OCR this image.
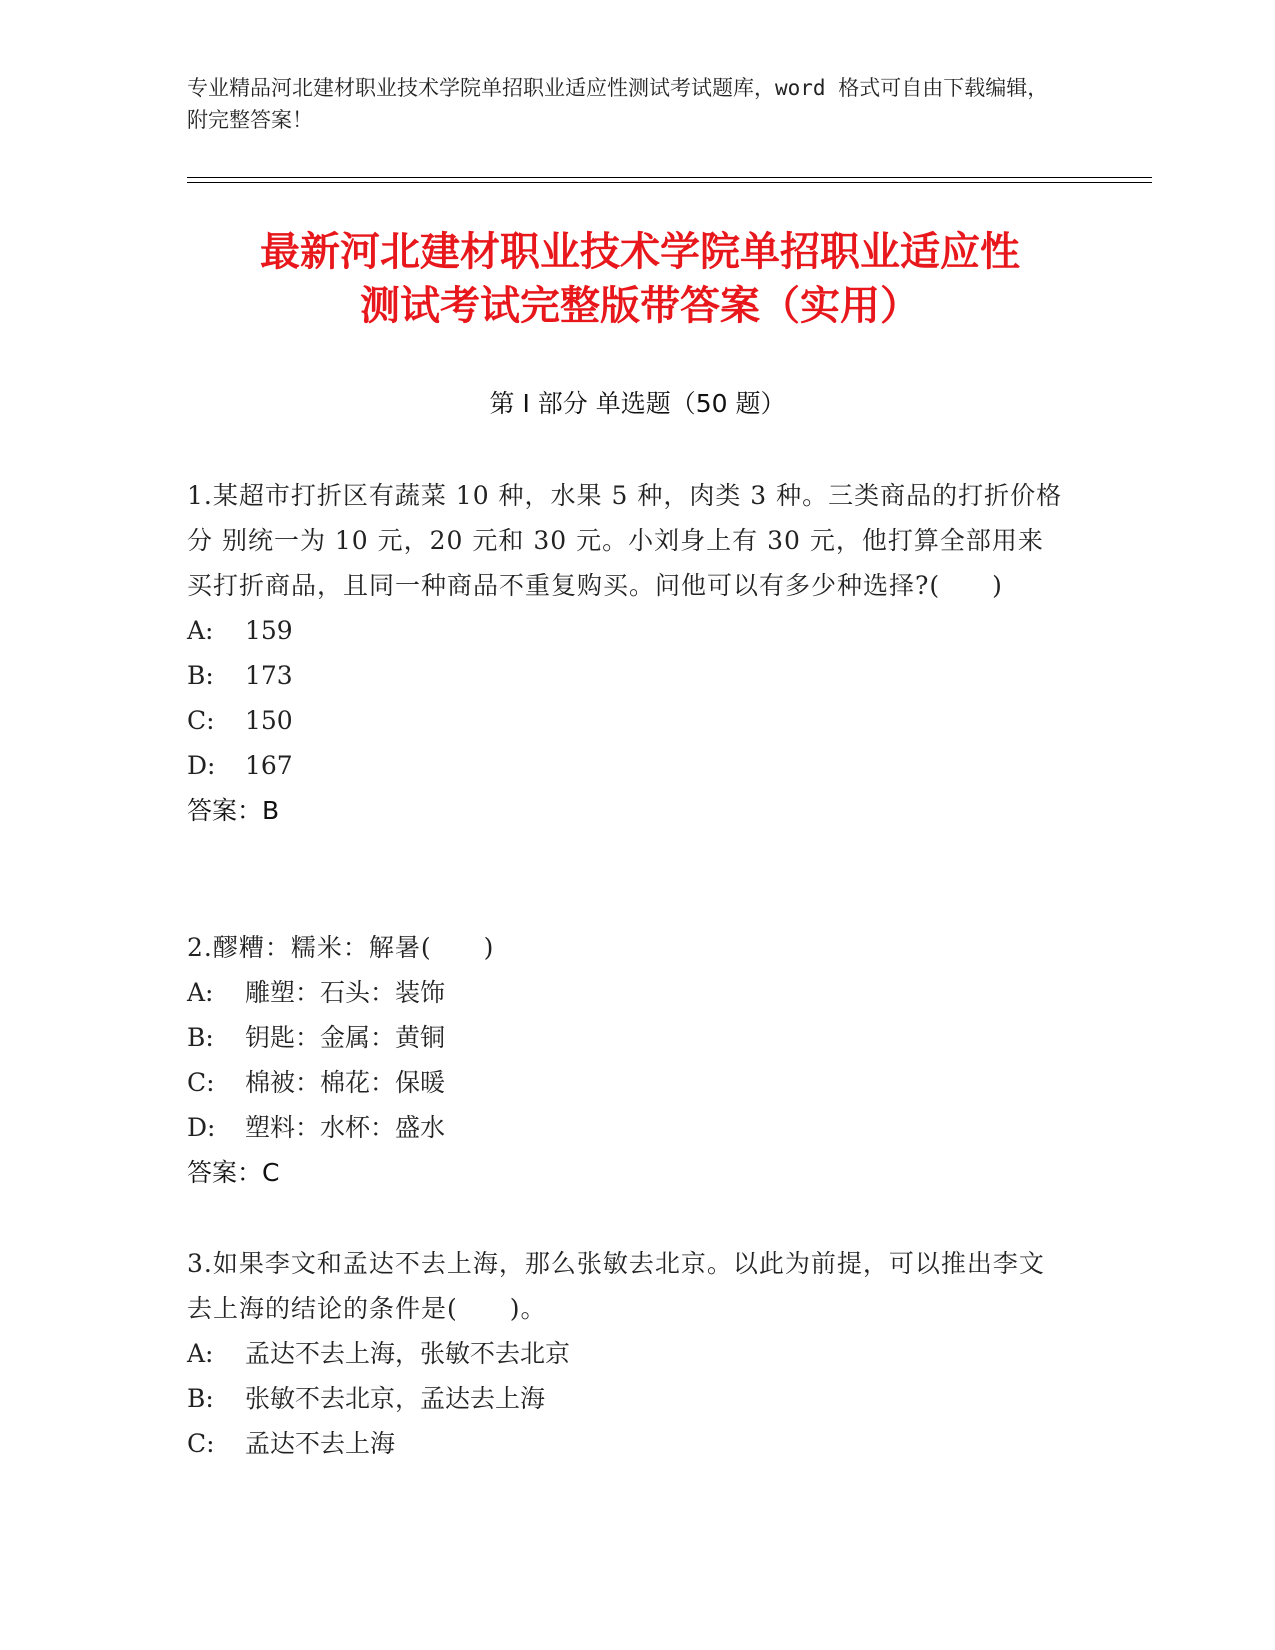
专业精品河北建材职业技术学院单招职业适应性测试考试题库，word 格式可自由下载编辑，附完整答案！
最新河北建材职业技术学院单招职业适应性
测试考试完整版带答案（实用）
第 I 部分 单选题（50 题）
1.某超市打折区有蔬菜 10 种，水果 5 种，肉类 3 种。三类商品的打折价格分 别统一为 10 元，20 元和 30 元。小刘身上有 30 元，他打算全部用来买打折商品，且同一种商品不重复购买。问他可以有多少种选择?(　　)
A:	159
B:	173
C:	150
D:	167
答案：B
2.醪糟：糯米：解暑(　　)
A:	雕塑：石头：装饰
B:	钥匙：金属：黄铜
C:	棉被：棉花：保暖
D:	塑料：水杯：盛水
答案：C
3.如果李文和孟达不去上海，那么张敏去北京。以此为前提，可以推出李文去上海的结论的条件是(　　)。
A:	孟达不去上海，张敏不去北京
B:	张敏不去北京，孟达去上海
C:	孟达不去上海
